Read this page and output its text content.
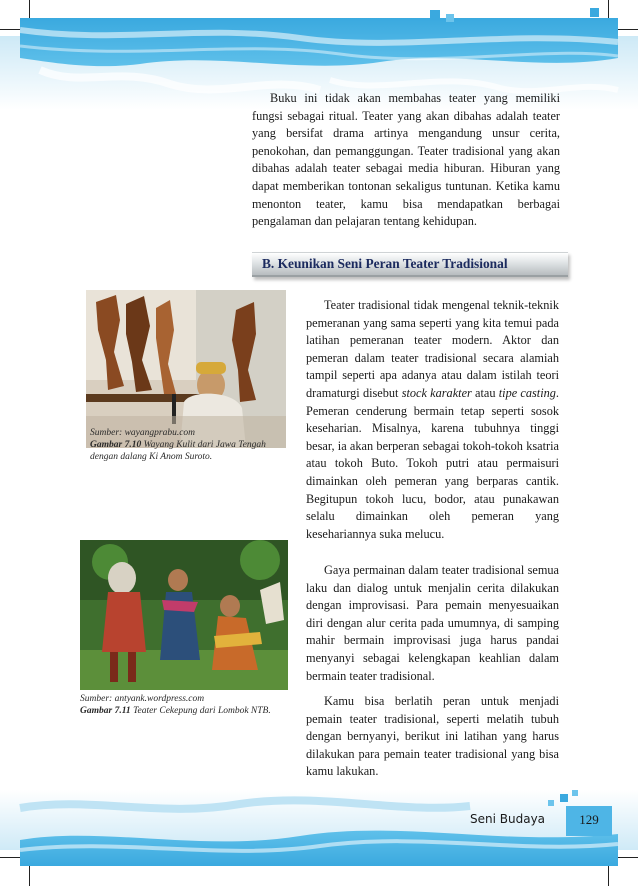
Buku ini tidak akan membahas teater yang memiliki fungsi sebagai ritual. Teater yang akan dibahas adalah teater yang bersifat drama artinya mengandung unsur cerita, penokohan, dan pemanggungan. Teater tradisional yang akan dibahas adalah teater sebagai media hiburan. Hiburan yang dapat memberikan tontonan sekaligus tuntunan. Ketika kamu menonton teater, kamu bisa mendapatkan berbagai pengalaman dan pelajaran tentang kehidupan.

B. Keunikan Seni Peran Teater Tradisional
Sumber: wayangprabu.com
Gambar 7.10 Wayang Kulit dari Jawa Tengah dengan dalang Ki Anom Suroto.
Sumber: antyank.wordpress.com
Gambar 7.11 Teater Cekepung dari Lombok NTB.

Teater tradisional tidak mengenal teknik-teknik pemeranan yang sama seperti yang kita temui pada latihan pemeranan teater modern. Aktor dan pemeran dalam teater tradisional secara alamiah tampil seperti apa adanya atau dalam istilah teori dramaturgi disebut stock karakter atau tipe casting. Pemeran cenderung bermain tetap seperti sosok keseharian. Misalnya, karena tubuhnya tinggi besar, ia akan berperan sebagai tokoh-tokoh ksatria atau tokoh Buto. Tokoh putri atau permaisuri dimainkan oleh pemeran yang berparas cantik. Begitupun tokoh lucu, bodor, atau punakawan selalu dimainkan oleh pemeran yang kesehariannya suka melucu.

Gaya permainan dalam teater tradisional semua laku dan dialog untuk menjalin cerita dilakukan dengan improvisasi. Para pemain menyesuaikan diri dengan alur cerita pada umumnya, di samping mahir bermain improvisasi juga harus pandai menyanyi sebagai kelengkapan keahlian dalam bermain teater tradisional.

Kamu bisa berlatih peran untuk menjadi pemain teater tradisional, seperti melatih tubuh dengan bernyanyi, berikut ini latihan yang harus dilakukan para pemain teater tradisional yang bisa kamu lakukan.

Seni Budaya	129
